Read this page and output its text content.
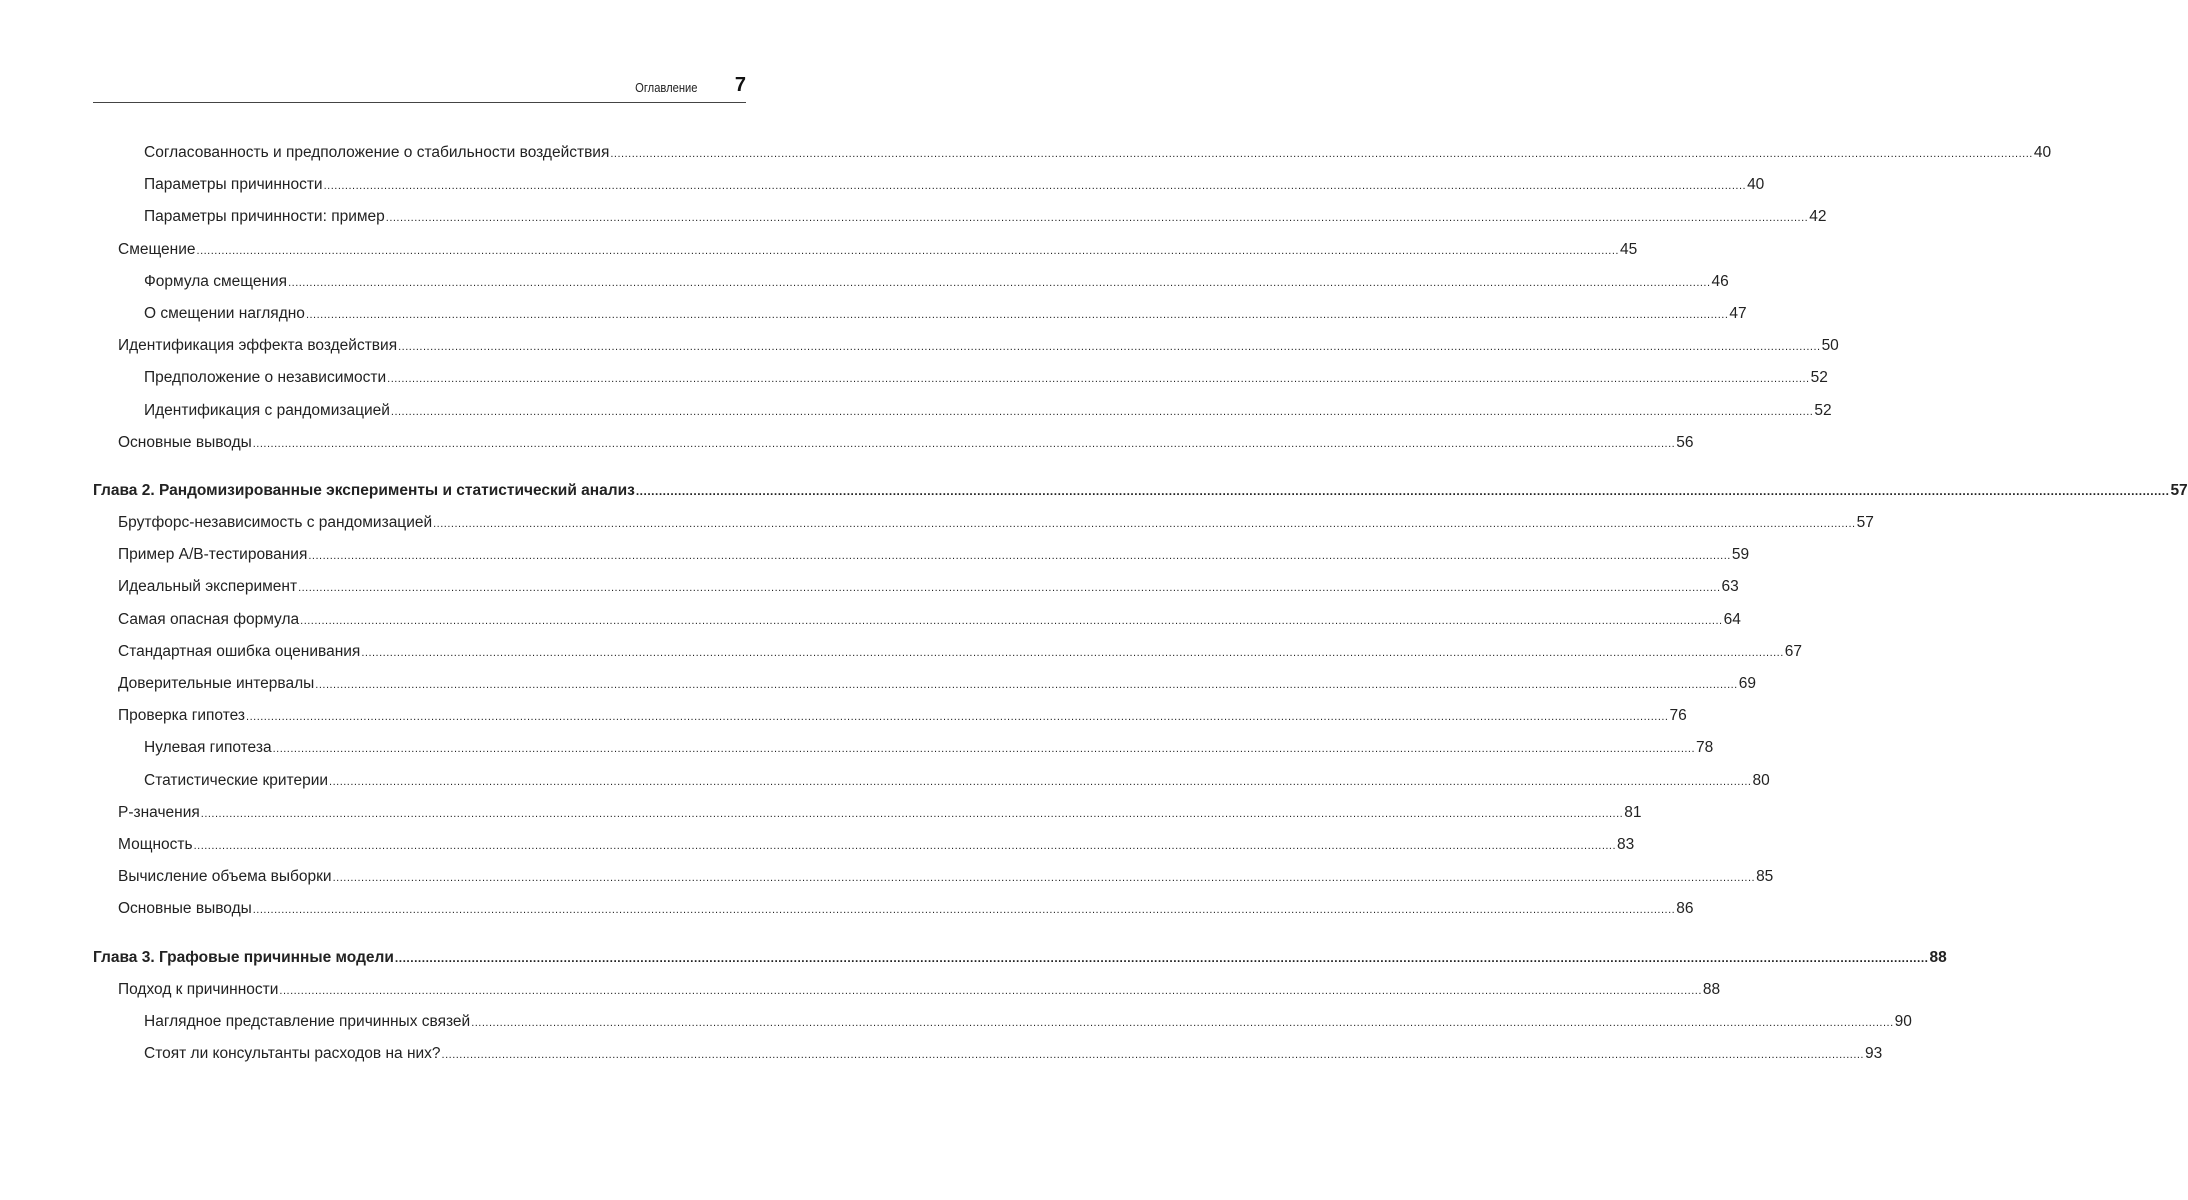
Оглавление 7
Согласованность и предположение о стабильности воздействия ................................................................................................................................................................................................................................................................................................................................................................................................................ 40
Параметры причинности ................................................................................................................................................................................................................................................................................................................................................................................................................ 40
Параметры причинности: пример ................................................................................................................................................................................................................................................................................................................................................................................................................ 42
Смещение ................................................................................................................................................................................................................................................................................................................................................................................................................ 45
Формула смещения ................................................................................................................................................................................................................................................................................................................................................................................................................ 46
О смещении наглядно ................................................................................................................................................................................................................................................................................................................................................................................................................ 47
Идентификация эффекта воздействия ................................................................................................................................................................................................................................................................................................................................................................................................................ 50
Предположение о независимости ................................................................................................................................................................................................................................................................................................................................................................................................................ 52
Идентификация с рандомизацией ................................................................................................................................................................................................................................................................................................................................................................................................................ 52
Основные выводы ................................................................................................................................................................................................................................................................................................................................................................................................................ 56
Глава 2. Рандомизированные эксперименты и статистический анализ ................................................................................................................................................................................................................................................................................................................................................................................................................ 57
Брутфорс-независимость с рандомизацией ................................................................................................................................................................................................................................................................................................................................................................................................................ 57
Пример A/B-тестирования ................................................................................................................................................................................................................................................................................................................................................................................................................ 59
Идеальный эксперимент ................................................................................................................................................................................................................................................................................................................................................................................................................ 63
Самая опасная формула ................................................................................................................................................................................................................................................................................................................................................................................................................ 64
Стандартная ошибка оценивания ................................................................................................................................................................................................................................................................................................................................................................................................................ 67
Доверительные интервалы ................................................................................................................................................................................................................................................................................................................................................................................................................ 69
Проверка гипотез ................................................................................................................................................................................................................................................................................................................................................................................................................ 76
Нулевая гипотеза ................................................................................................................................................................................................................................................................................................................................................................................................................ 78
Статистические критерии ................................................................................................................................................................................................................................................................................................................................................................................................................ 80
Р-значения ................................................................................................................................................................................................................................................................................................................................................................................................................ 81
Мощность ................................................................................................................................................................................................................................................................................................................................................................................................................ 83
Вычисление объема выборки ................................................................................................................................................................................................................................................................................................................................................................................................................ 85
Основные выводы ................................................................................................................................................................................................................................................................................................................................................................................................................ 86
Глава 3. Графовые причинные модели ................................................................................................................................................................................................................................................................................................................................................................................................................ 88
Подход к причинности ................................................................................................................................................................................................................................................................................................................................................................................................................ 88
Наглядное представление причинных связей ................................................................................................................................................................................................................................................................................................................................................................................................................ 90
Стоят ли консультанты расходов на них? ................................................................................................................................................................................................................................................................................................................................................................................................................ 93
